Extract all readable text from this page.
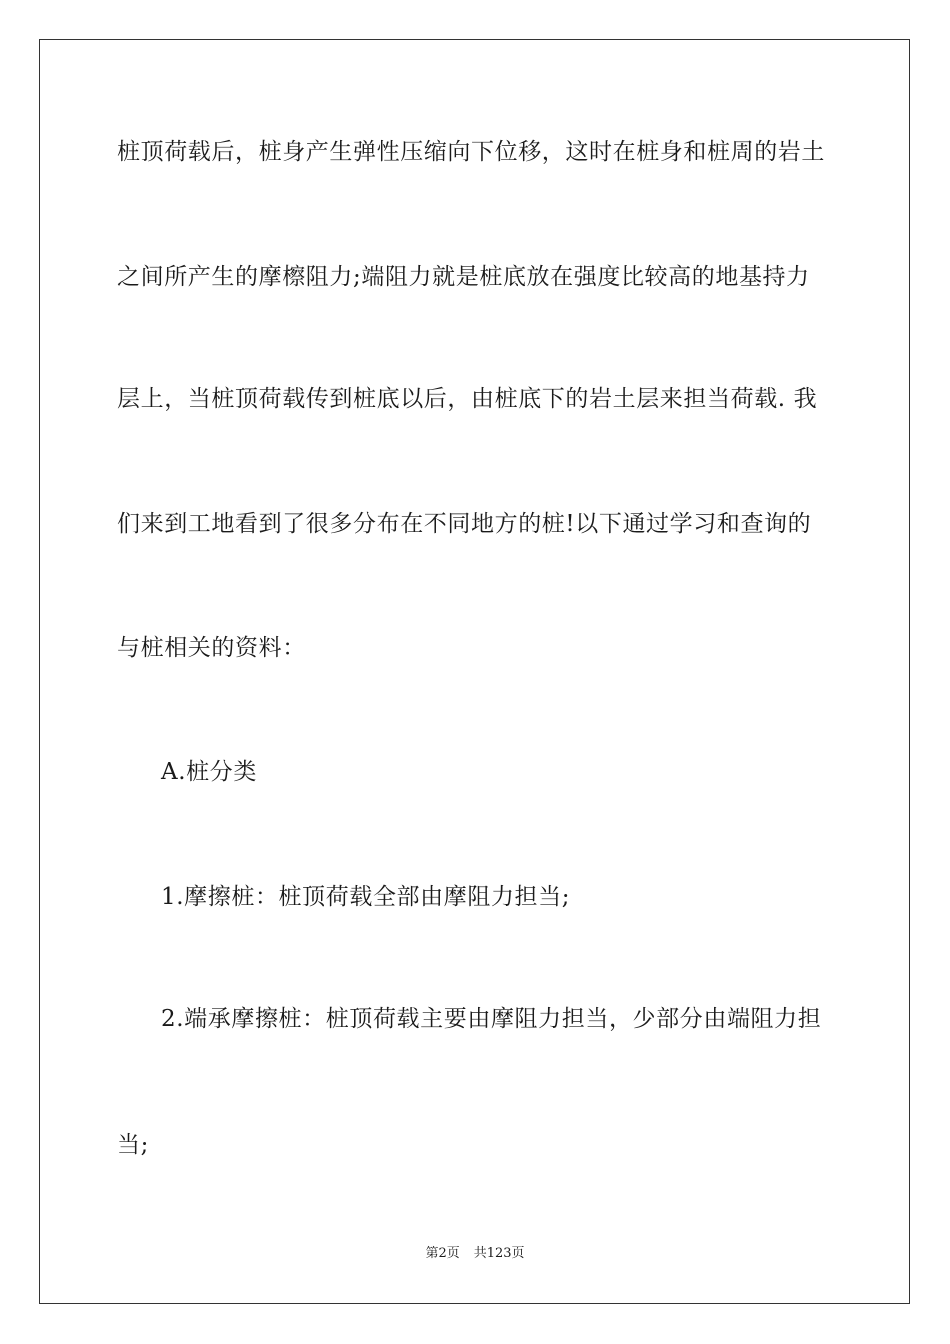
桩顶荷载后，桩身产生弹性压缩向下位移，这时在桩身和桩周的岩土
之间所产生的摩檫阻力;端阻力就是桩底放在强度比较高的地基持力
层上，当桩顶荷载传到桩底以后，由桩底下的岩土层来担当荷载. 我
们来到工地看到了很多分布在不同地方的桩!以下通过学习和查询的
与桩相关的资料：
A.桩分类
1.摩擦桩：桩顶荷载全部由摩阻力担当;
2.端承摩擦桩：桩顶荷载主要由摩阻力担当，少部分由端阻力担
当;
第2页 共123页
